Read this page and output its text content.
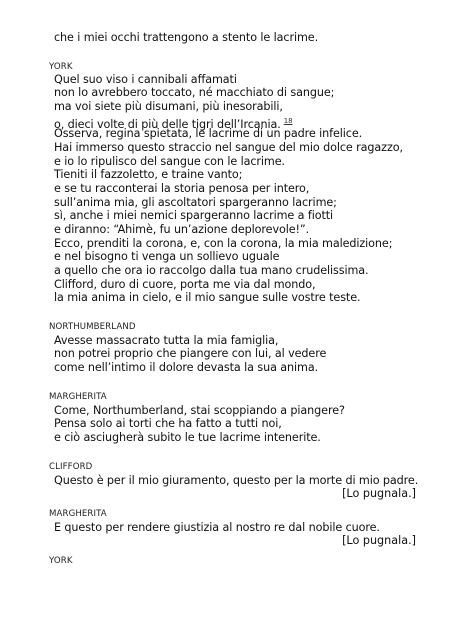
che i miei occhi trattengono a stento le lacrime.
YORK
Quel suo viso i cannibali affamati
non lo avrebbero toccato, né macchiato di sangue;
ma voi siete più disumani, più inesorabili,
o, dieci volte di più delle tigri dell’Ircania. $^{18}$
Osserva, regina spietata, le lacrime di un padre infelice.
Hai immerso questo straccio nel sangue del mio dolce ragazzo,
e io lo ripulisco del sangue con le lacrime.
Tieniti il fazzoletto, e traine vanto;
e se tu racconterai la storia penosa per intero,
sull’anima mia, gli ascoltatori spargeranno lacrime;
sì, anche i miei nemici spargeranno lacrime a fiotti
e diranno: “Ahimè, fu un’azione deplorevole!”.
Ecco, prenditi la corona, e, con la corona, la mia maledizione;
e nel bisogno ti venga un sollievo uguale
a quello che ora io raccolgo dalla tua mano crudelissima.
Clifford, duro di cuore, porta me via dal mondo,
la mia anima in cielo, e il mio sangue sulle vostre teste.
NORTHUMBERLAND
Avesse massacrato tutta la mia famiglia,
non potrei proprio che piangere con lui, al vedere
come nell’intimo il dolore devasta la sua anima.
MARGHERITA
Come, Northumberland, stai scoppiando a piangere?
Pensa solo ai torti che ha fatto a tutti noi,
e ciò asciugherà subito le tue lacrime intenerite.
CLIFFORD
Questo è per il mio giuramento, questo per la morte di mio padre.
[Lo pugnala.]
MARGHERITA
E questo per rendere giustizia al nostro re dal nobile cuore.
[Lo pugnala.]
YORK
